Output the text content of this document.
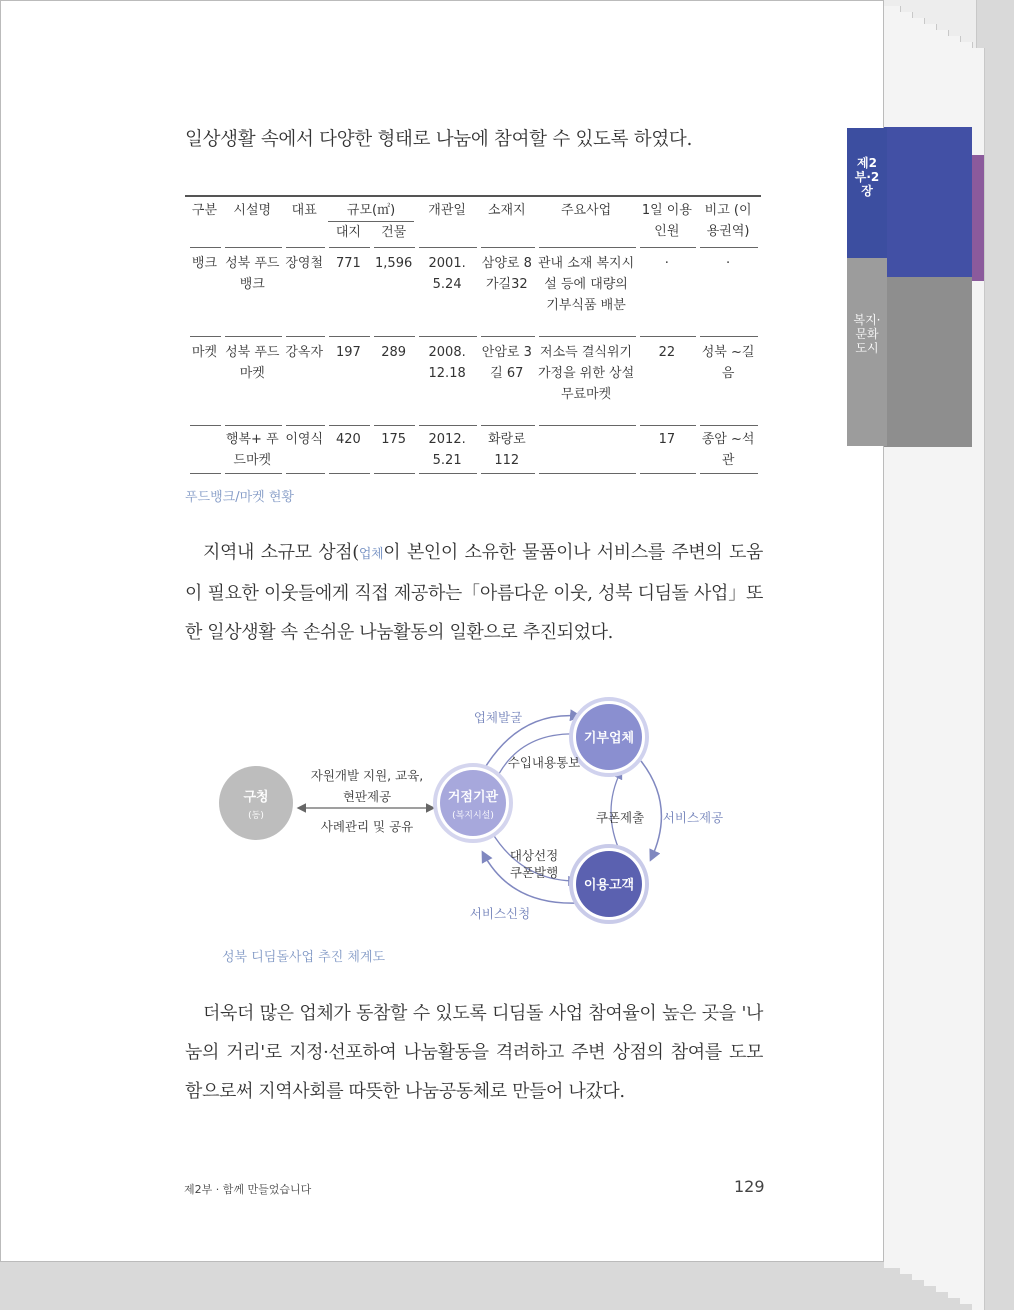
제2부·2장
복지·문화도시
일상생활 속에서 다양한 형태로 나눔에 참여할 수 있도록 하였다.
구분	시설명	대표	규모(㎡)		개관일	소재지	주요사업	1일 이용인원	비고 (이용권역)
			대지	건물					
뱅크	성북 푸드뱅크	장영철	771	1,596	2001. 5.24	삼양로 8가길32	관내 소재 복지시설 등에 대량의 기부식품 배분	·	·
마켓	성북 푸드마켓	강옥자	197	289	2008. 12.18	안암로 3길 67	저소득 결식위기가정을 위한 상설무료마켓	22	성북 ~길음
	행복+ 푸드마켓	이영식	420	175	2012. 5.21	화랑로 112		17	종암 ~석관
푸드뱅크/마켓 현황
지역내 소규모 상점(업체이 본인이 소유한 물품이나 서비스를 주변의 도움이 필요한 이웃들에게 직접 제공하는「아름다운 이웃, 성북 디딤돌 사업」또한 일상생활 속 손쉬운 나눔활동의 일환으로 추진되었다.
구청
(동)
거점기관
(복지시설)
기부업체
이용고객
자원개발 지원, 교육,
현판제공
사례관리 및 공유
업체발굴
수입내용통보
쿠폰제출 서비스제공
대상선정
쿠폰발행
서비스신청
성북 디딤돌사업 추진 체계도
더욱더 많은 업체가 동참할 수 있도록 디딤돌 사업 참여율이 높은 곳을 '나눔의 거리'로 지정·선포하여 나눔활동을 격려하고 주변 상점의 참여를 도모함으로써 지역사회를 따뜻한 나눔공동체로 만들어 나갔다.
제2부 · 함께 만들었습니다	129
